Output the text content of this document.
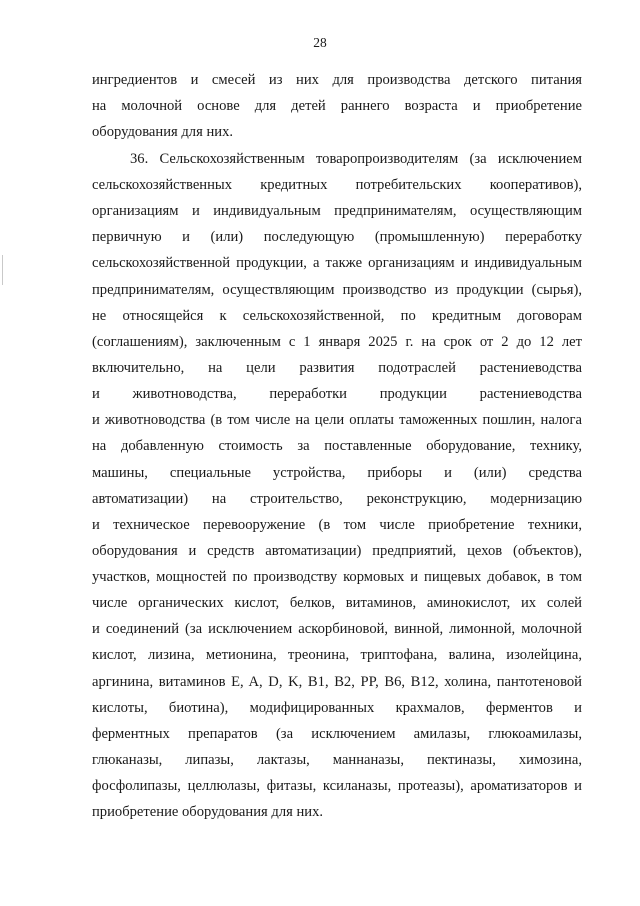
28
ингредиентов и смесей из них для производства детского питания
на молочной основе для детей раннего возраста и приобретение
оборудования для них.
36. Сельскохозяйственным товаропроизводителям (за исключением
сельскохозяйственных кредитных потребительских кооперативов),
организациям и индивидуальным предпринимателям, осуществляющим
первичную и (или) последующую (промышленную) переработку
сельскохозяйственной продукции, а также организациям и индивидуальным
предпринимателям, осуществляющим производство из продукции (сырья),
не относящейся к сельскохозяйственной, по кредитным договорам
(соглашениям), заключенным с 1 января 2025 г. на срок от 2 до 12 лет
включительно, на цели развития подотраслей растениеводства
и животноводства, переработки продукции растениеводства
и животноводства (в том числе на цели оплаты таможенных пошлин, налога
на добавленную стоимость за поставленные оборудование, технику,
машины, специальные устройства, приборы и (или) средства
автоматизации) на строительство, реконструкцию, модернизацию
и техническое перевооружение (в том числе приобретение техники,
оборудования и средств автоматизации) предприятий, цехов (объектов),
участков, мощностей по производству кормовых и пищевых добавок, в том
числе органических кислот, белков, витаминов, аминокислот, их солей
и соединений (за исключением аскорбиновой, винной, лимонной, молочной
кислот, лизина, метионина, треонина, триптофана, валина, изолейцина,
аргинина, витаминов E, A, D, K, B1, B2, PP, B6, B12, холина, пантотеновой
кислоты, биотина), модифицированных крахмалов, ферментов и
ферментных препаратов (за исключением амилазы, глюкоамилазы,
глюканазы, липазы, лактазы, маннаназы, пектиназы, химозина,
фосфолипазы, целлюлазы, фитазы, ксиланазы, протеазы), ароматизаторов и
приобретение оборудования для них.
